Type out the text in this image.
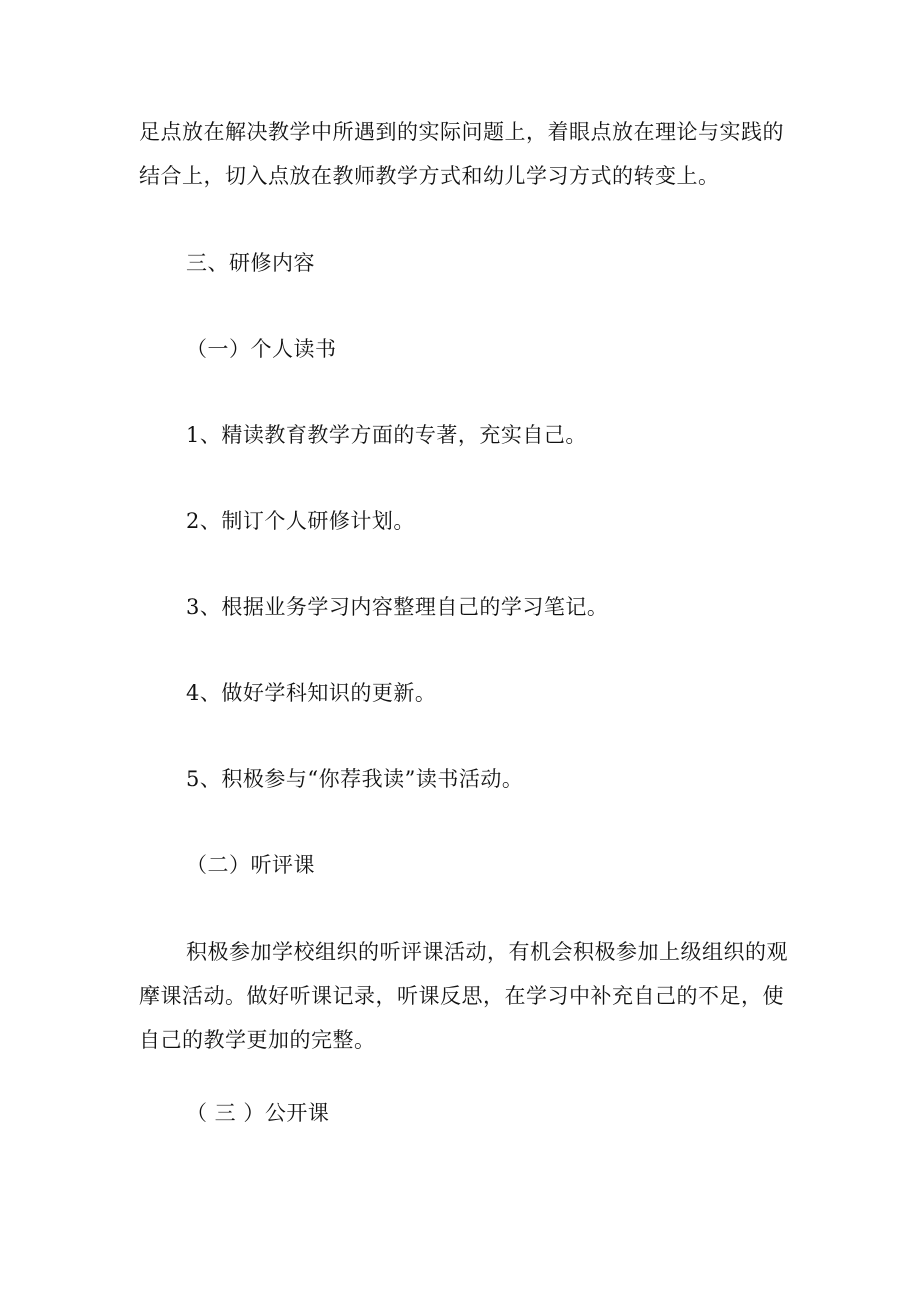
足点放在解决教学中所遇到的实际问题上，着眼点放在理论与实践的

结合上，切入点放在教师教学方式和幼儿学习方式的转变上。

三、研修内容
（一）个人读书
1、精读教育教学方面的专著，充实自己。
2、制订个人研修计划。
3、根据业务学习内容整理自己的学习笔记。
4、做好学科知识的更新。
5、积极参与“你荐我读”读书活动。
（二）听评课

积极参加学校组织的听评课活动，有机会积极参加上级组织的观

摩课活动。做好听课记录，听课反思，在学习中补充自己的不足，使

自己的教学更加的完整。

（ 三 ）公开课
